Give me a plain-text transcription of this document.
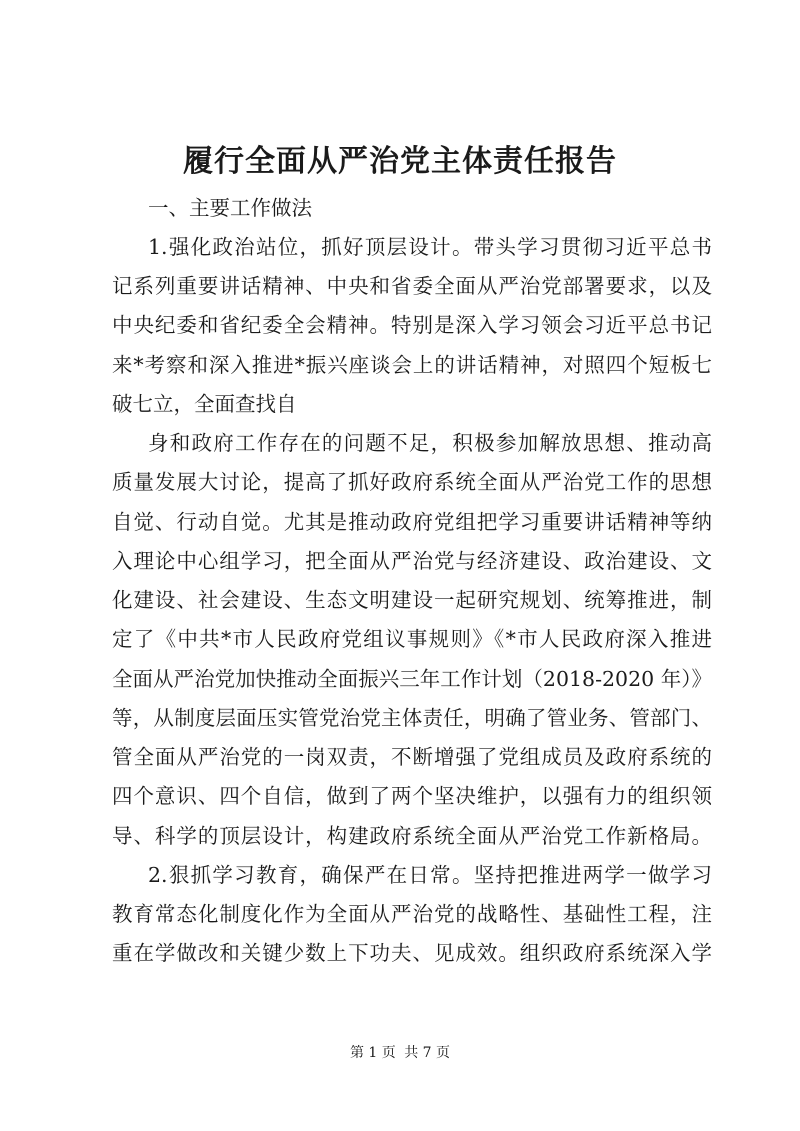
履行全面从严治党主体责任报告
一、主要工作做法
1.强化政治站位，抓好顶层设计。带头学习贯彻习近平总书
记系列重要讲话精神、中央和省委全面从严治党部署要求，以及
中央纪委和省纪委全会精神。特别是深入学习领会习近平总书记
来*考察和深入推进*振兴座谈会上的讲话精神，对照四个短板七
破七立，全面查找自
身和政府工作存在的问题不足，积极参加解放思想、推动高
质量发展大讨论，提高了抓好政府系统全面从严治党工作的思想
自觉、行动自觉。尤其是推动政府党组把学习重要讲话精神等纳
入理论中心组学习，把全面从严治党与经济建设、政治建设、文
化建设、社会建设、生态文明建设一起研究规划、统筹推进，制
定了《中共*市人民政府党组议事规则》《*市人民政府深入推进
全面从严治党加快推动全面振兴三年工作计划（2018-2020 年）》
等，从制度层面压实管党治党主体责任，明确了管业务、管部门、
管全面从严治党的一岗双责，不断增强了党组成员及政府系统的
四个意识、四个自信，做到了两个坚决维护，以强有力的组织领
导、科学的顶层设计，构建政府系统全面从严治党工作新格局。
2.狠抓学习教育，确保严在日常。坚持把推进两学一做学习
教育常态化制度化作为全面从严治党的战略性、基础性工程，注
重在学做改和关键少数上下功夫、见成效。组织政府系统深入学
第 1 页 共 7 页
